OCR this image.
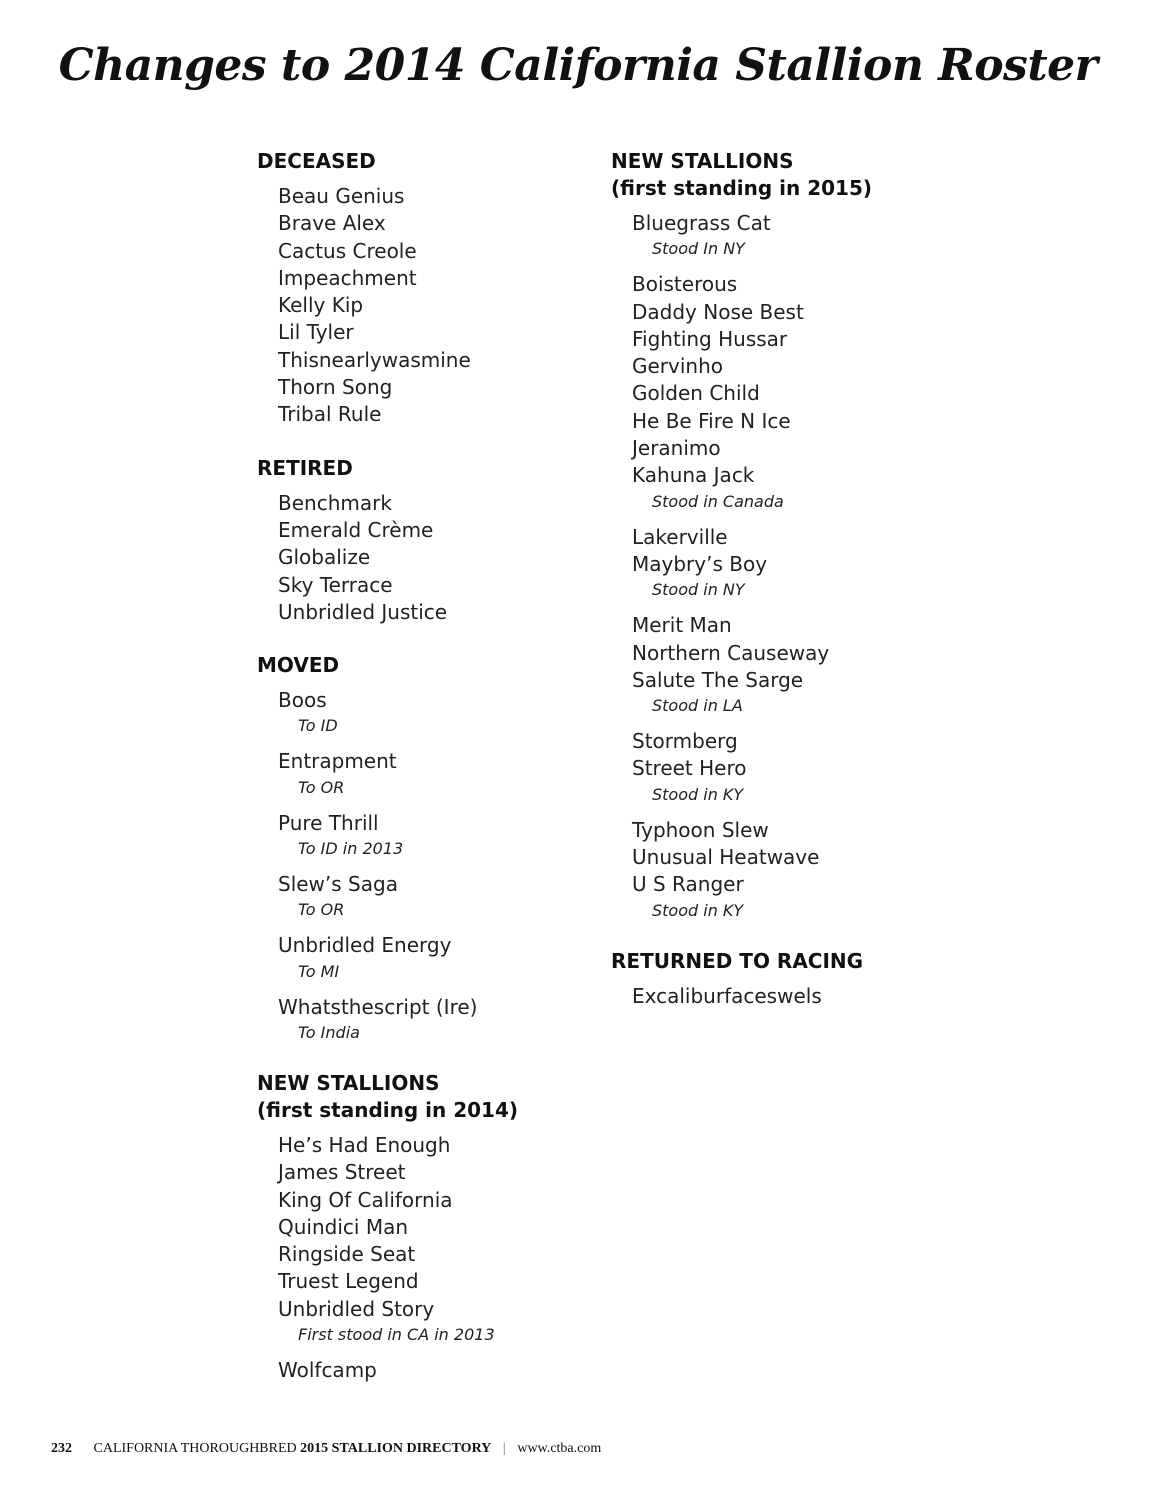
Changes to 2014 California Stallion Roster
DECEASED
Beau Genius
Brave Alex
Cactus Creole
Impeachment
Kelly Kip
Lil Tyler
Thisnearlywasmine
Thorn Song
Tribal Rule
RETIRED
Benchmark
Emerald Crème
Globalize
Sky Terrace
Unbridled Justice
MOVED
Boos
To ID
Entrapment
To OR
Pure Thrill
To ID in 2013
Slew’s Saga
To OR
Unbridled Energy
To MI
Whatsthescript (Ire)
To India
NEW STALLIONS
(first standing in 2014)
He’s Had Enough
James Street
King Of California
Quindici Man
Ringside Seat
Truest Legend
Unbridled Story
First stood in CA in 2013
Wolfcamp
NEW STALLIONS
(first standing in 2015)
Bluegrass Cat
Stood In NY
Boisterous
Daddy Nose Best
Fighting Hussar
Gervinho
Golden Child
He Be Fire N Ice
Jeranimo
Kahuna Jack
Stood in Canada
Lakerville
Maybry’s Boy
Stood in NY
Merit Man
Northern Causeway
Salute The Sarge
Stood in LA
Stormberg
Street Hero
Stood in KY
Typhoon Slew
Unusual Heatwave
U S Ranger
Stood in KY
RETURNED TO RACING
Excaliburfaceswels
232 CALIFORNIA THOROUGHBRED 2015 STALLION DIRECTORY | www.ctba.com
